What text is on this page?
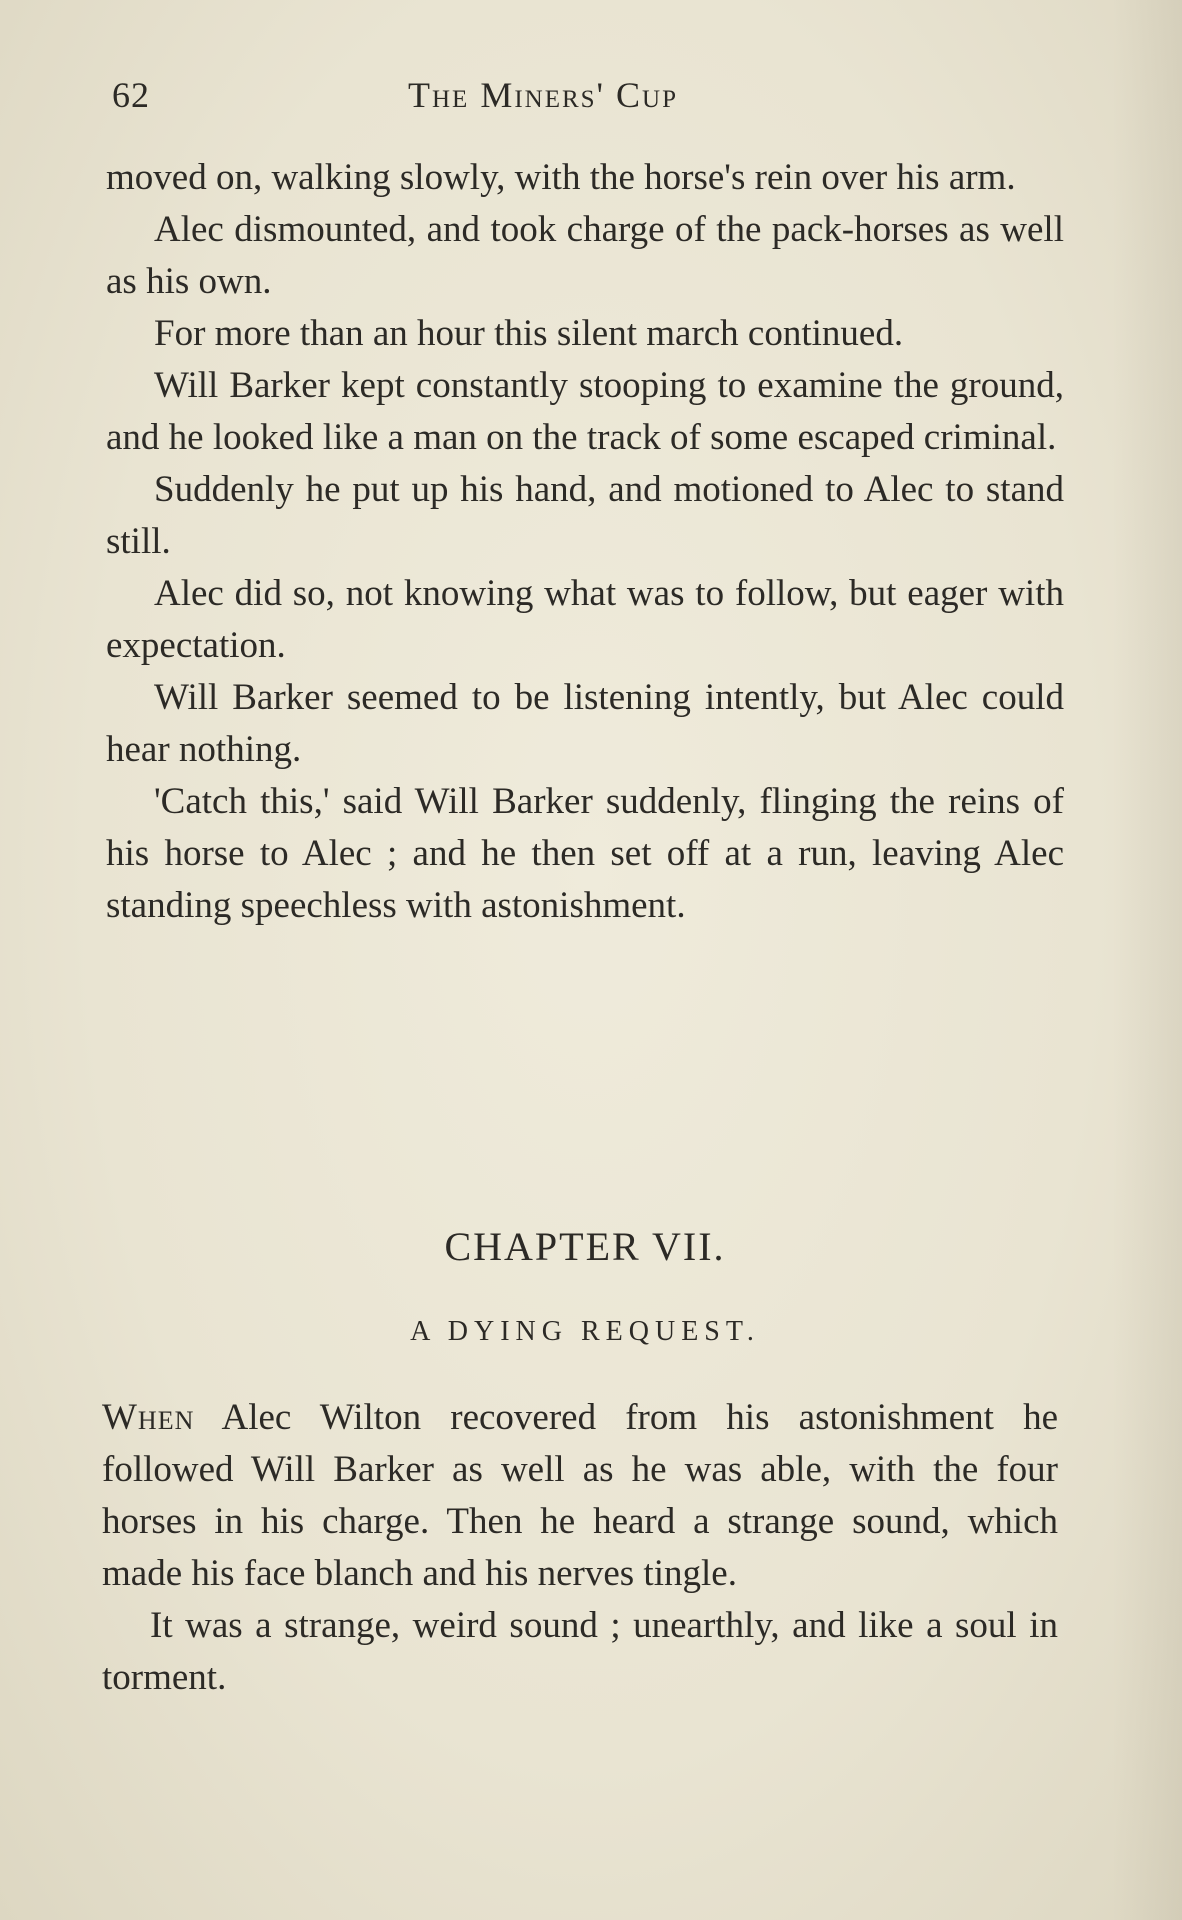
62	The Miners' Cup

moved on, walking slowly, with the horse's rein over his arm.

Alec dismounted, and took charge of the pack-horses as well as his own.

For more than an hour this silent march continued.

Will Barker kept constantly stooping to examine the ground, and he looked like a man on the track of some escaped criminal.

Suddenly he put up his hand, and motioned to Alec to stand still.

Alec did so, not knowing what was to follow, but eager with expectation.

Will Barker seemed to be listening intently, but Alec could hear nothing.

'Catch this,' said Will Barker suddenly, flinging the reins of his horse to Alec ; and he then set off at a run, leaving Alec standing speechless with astonishment.

CHAPTER VII.
A DYING REQUEST.

When Alec Wilton recovered from his astonishment he followed Will Barker as well as he was able, with the four horses in his charge. Then he heard a strange sound, which made his face blanch and his nerves tingle.

It was a strange, weird sound ; unearthly, and like a soul in torment.
